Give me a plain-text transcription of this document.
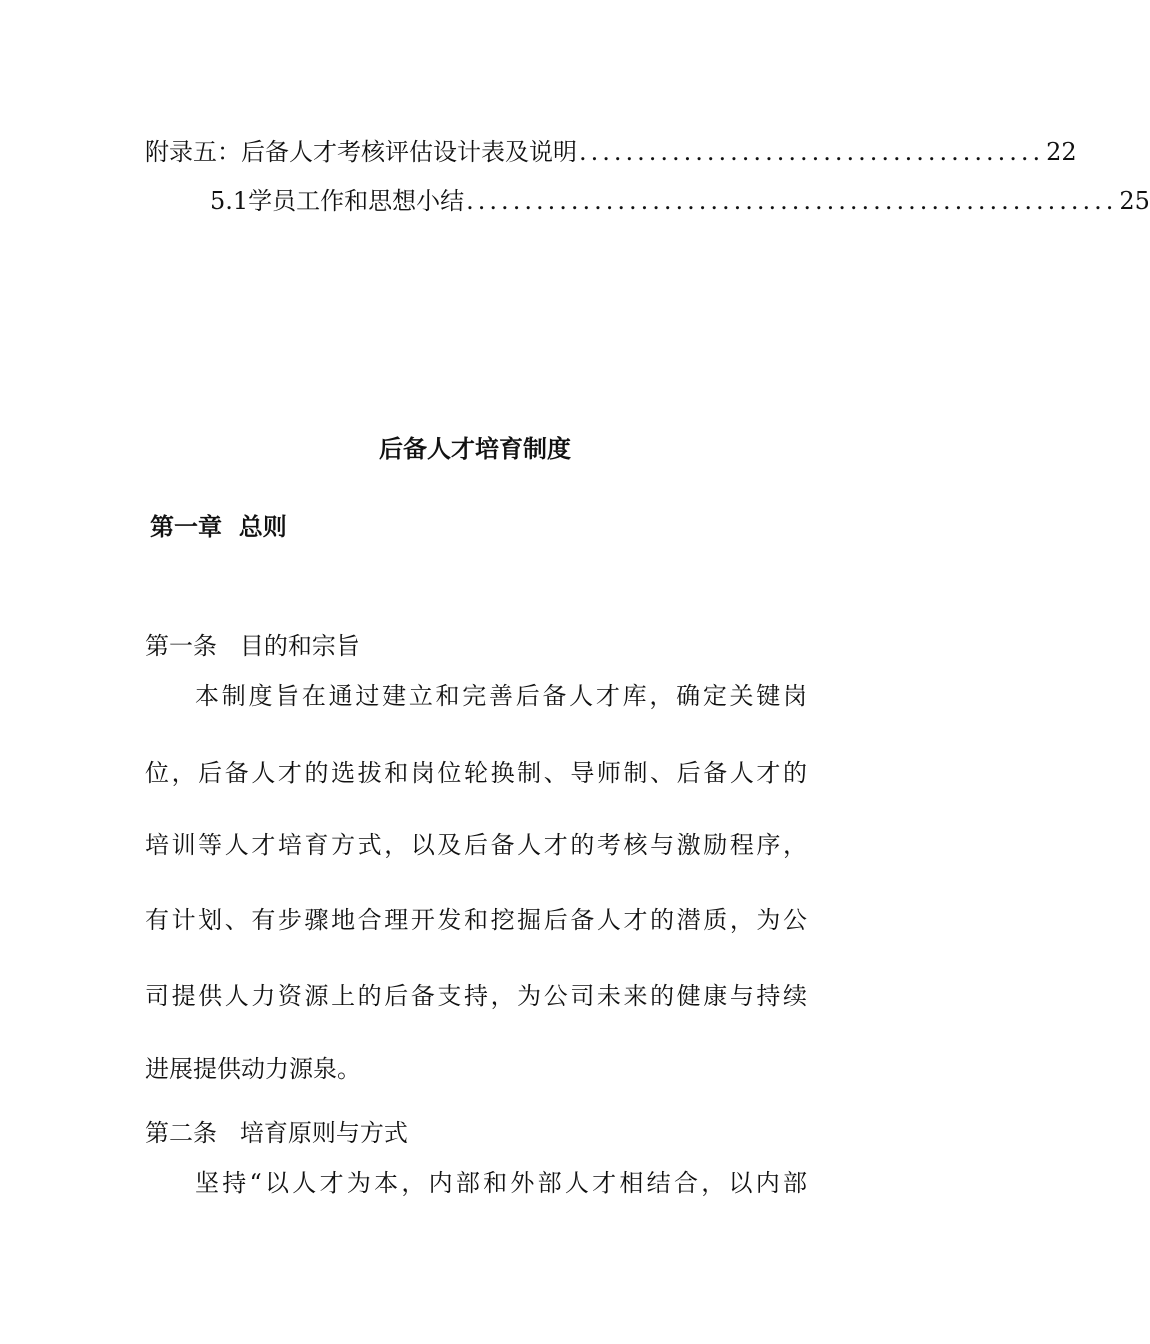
附录五：后备人才考核评估设计表及说明 ........................................ 22
5.1学员工作和思想小结 ........................................................ 25
后备人才培育制度
第一章  总则
第一条   目的和宗旨
本制度旨在通过建立和完善后备人才库，确定关键岗
位，后备人才的选拔和岗位轮换制、导师制、后备人才的
培训等人才培育方式，以及后备人才的考核与激励程序，
有计划、有步骤地合理开发和挖掘后备人才的潜质，为公
司提供人力资源上的后备支持，为公司未来的健康与持续
进展提供动力源泉。
第二条   培育原则与方式
坚持“以人才为本，内部和外部人才相结合，以内部
